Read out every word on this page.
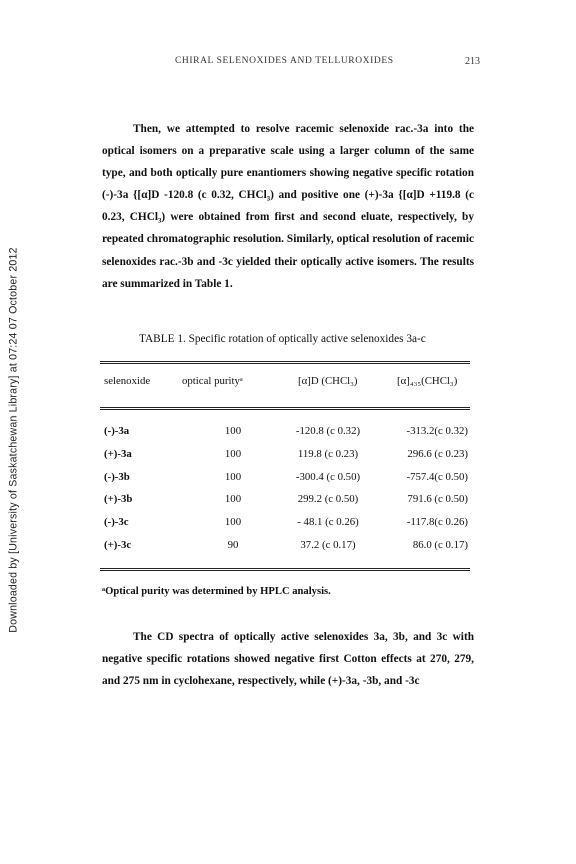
Downloaded by [University of Saskatchewan Library] at 07:24 07 October 2012
CHIRAL SELENOXIDES AND TELLUROXIDES	213

Then, we attempted to resolve racemic selenoxide rac.-3a into the optical isomers on a preparative scale using a larger column of the same type, and both optically pure enantiomers showing negative specific rotation (-)-3a {[α]D -120.8 (c 0.32, CHCl₃) and positive one (+)-3a {[α]D +119.8 (c 0.23, CHCl₃) were obtained from first and second eluate, respectively, by repeated chromatographic resolution. Similarly, optical resolution of racemic selenoxides rac.-3b and -3c yielded their optically active isomers. The results are summarized in Table 1.

TABLE 1. Specific rotation of optically active selenoxides 3a-c
selenoxide	optical purityᵃ	[α]D (CHCl₃)	[α]₄₃₅(CHCl₃)
(-)-3a	100	-120.8 (c 0.32)	-313.2(c 0.32)
(+)-3a	100	119.8 (c 0.23)	296.6 (c 0.23)
(-)-3b	100	-300.4 (c 0.50)	-757.4(c 0.50)
(+)-3b	100	299.2 (c 0.50)	791.6 (c 0.50)
(-)-3c	100	- 48.1 (c 0.26)	-117.8(c 0.26)
(+)-3c	90	37.2 (c 0.17)	86.0 (c 0.17)
ᵃOptical purity was determined by HPLC analysis.

The CD spectra of optically active selenoxides 3a, 3b, and 3c with negative specific rotations showed negative first Cotton effects at 270, 279, and 275 nm in cyclohexane, respectively, while (+)-3a, -3b, and -3c
